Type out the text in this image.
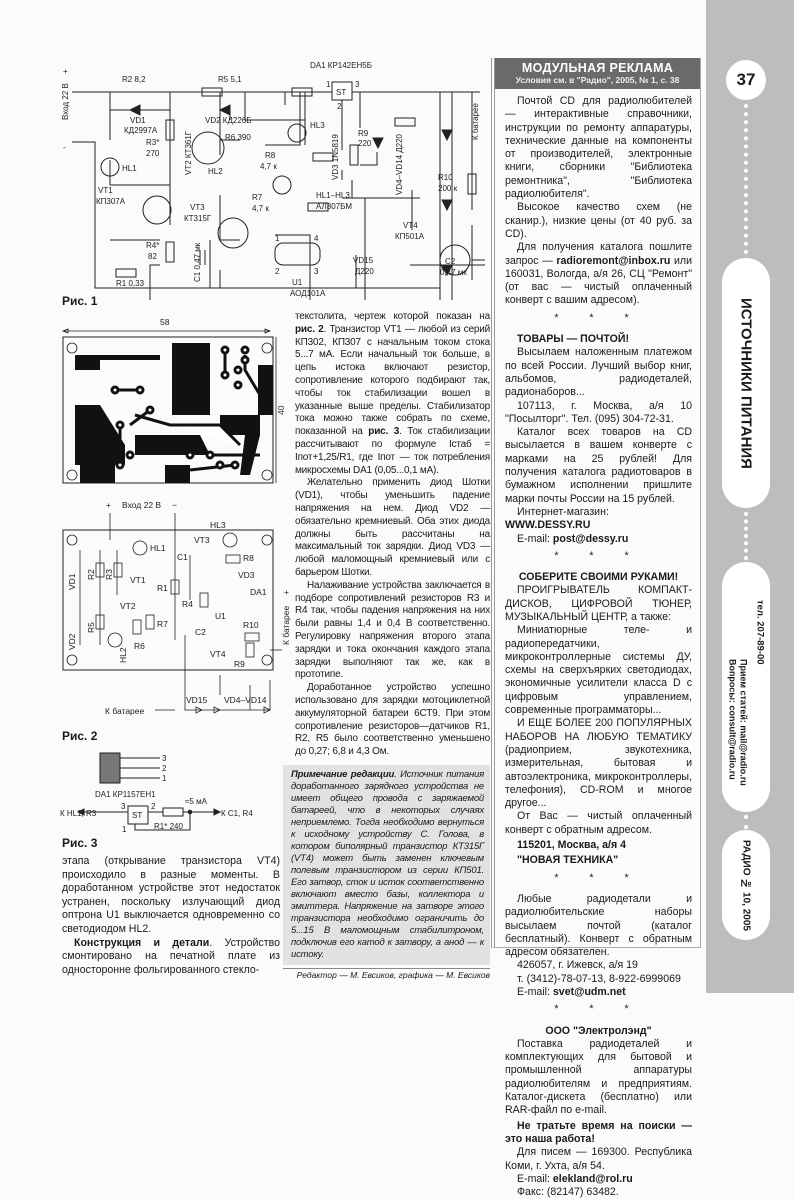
Вход 22 В
+
-
R2 8,2	R5 5,1
DA1 КР142ЕН5Б
VD1
КД2997А
VD2 КД226Б
R3*
270
HL1	VT2 КТ361Г	R6 390
HL2
R8
4,7 к
HL3
VD3 1N5819
R9
220	VD4–VD14 Д220
К батарее
R10
200 к
VT1
КП307А
VT3
КТ315Г
R7
4,7 к
HL1–HL3
АЛ307БМ
VT4
КП501А
R4*
82	C1 0,47 мк	VD15
Д220
C2
0,47 мк
R1 0,33	U1
АОД101А
1
2	3
4
ST
1
2
3
Рис. 1
58
40
Вход 22 В
+	−
HL1
HL3
VT3
C1	R8
VD1 R2 R3 VT1
R1
VD3
DA1
R4
U1
VT2
R7
VD2
R5
R6
HL2
C2
R10
VT4
R9
К батарее
VD15 VD4–VD14
К батарее
+
Рис. 2
3
2
1
DA1 КР1157ЕН1
К HL1, R3	К C1, R4
≈5 мА
R1* 240
ST
3	2
1
Рис. 3

этапа (открывание транзистора VT4) происходило в разные моменты. В доработанном устройстве этот недостаток устранен, поскольку излучающий диод оптрона U1 выключается одновременно со светодиодом HL2.

Конструкция и детали. Устройство смонтировано на печатной плате из односторонне фольгированного стекло-

текстолита, чертеж которой показан на рис. 2. Транзистор VT1 — любой из серий КП302, КП307 с начальным током стока 5...7 мА. Если начальный ток больше, в цепь истока включают резистор, сопротивление которого подбирают так, чтобы ток стабилизации вошел в указанные выше пределы. Стабилизатор тока можно также собрать по схеме, показанной на рис. 3. Ток стабилизации рассчитывают по формуле Iстаб = Iпот+1,25/R1, где Iпот — ток потребления микросхемы DA1 (0,05...0,1 мА).

Желательно применить диод Шотки (VD1), чтобы уменьшить падение напряжения на нем. Диод VD2 — обязательно кремниевый. Оба этих диода должны быть рассчитаны на максимальный ток зарядки. Диод VD3 — любой маломощный кремниевый или с барьером Шотки.

Налаживание устройства заключается в подборе сопротивлений резисторов R3 и R4 так, чтобы падения напряжения на них были равны 1,4 и 0,4 В соответственно. Регулировку напряжения второго этапа зарядки и тока окончания каждого этапа зарядки выполняют так же, как в прототипе.

Доработанное устройство успешно использовано для зарядки мотоциклетной аккумуляторной батареи 6СТ9. При этом сопротивление резисторов—датчиков R1, R2, R5 было соответственно уменьшено до 0,27; 6,8 и 4,3 Ом.

Примечание редакции. Источник питания доработанного зарядного устройства не имеет общего провода с заряжаемой батареей, что в некоторых случаях неприемлемо. Тогда необходимо вернуться к исходному устройству С. Голова, в котором биполярный транзистор КТ315Г (VT4) может быть заменен ключевым полевым транзистором из серии КП501. Его затвор, сток и исток соответственно включают вместо базы, коллектора и эмиттера. Напряжение на затворе этого транзистора необходимо ограничить до 5...15 В маломощным стабилитроном, подключив его катод к затвору, а анод — к истоку.
Редактор — М. Евсиков, графика — М. Евсиков
МОДУЛЬНАЯ РЕКЛАМА
Условия см. в "Радио", 2005, № 1, с. 38

Почтой CD для радиолюбителей — интерактивные справочники, инструкции по ремонту аппаратуры, технические данные на компоненты от производителей, электронные книги, сборники "Библиотека ремонтника", "Библиотека радиолюбителя".

Высокое качество схем (не сканир.), низкие цены (от 40 руб. за CD).

Для получения каталога пошлите запрос — radioremont@inbox.ru или 160031, Вологда, а/я 26, СЦ "Ремонт" (от вас — чистый оплаченный конверт с вашим адресом).

* * *

ТОВАРЫ — ПОЧТОЙ!

Высылаем наложенным платежом по всей России. Лучший выбор книг, альбомов, радиодеталей, радионаборов...

107113, г. Москва, а/я 10 "Посылторг". Тел. (095) 304-72-31.

Каталог всех товаров на CD высылается в вашем конверте с марками на 25 рублей! Для получения каталога радиотоваров в бумажном исполнении пришлите марки почты России на 15 рублей.

Интернет-магазин: WWW.DESSY.RU

E-mail: post@dessy.ru

* * *

СОБЕРИТЕ СВОИМИ РУКАМИ!

ПРОИГРЫВАТЕЛЬ КОМПАКТ-ДИСКОВ, ЦИФРОВОЙ ТЮНЕР, МУЗЫКАЛЬНЫЙ ЦЕНТР, а также:

Миниатюрные теле- и радиопередатчики, микроконтроллерные системы ДУ, схемы на сверхъярких светодиодах, экономичные усилители класса D с цифровым управлением, современные программаторы...

И ЕЩЕ БОЛЕЕ 200 ПОПУЛЯРНЫХ НАБОРОВ НА ЛЮБУЮ ТЕМАТИКУ (радиоприем, звукотехника, измерительная, бытовая и автоэлектроника, микроконтроллеры, телефония), CD-ROM и многое другое...

От Вас — чистый оплаченный конверт с обратным адресом.

115201, Москва, а/я 4

"НОВАЯ ТЕХНИКА"

* * *

Любые радиодетали и радиолюбительские наборы высылаем почтой (каталог бесплатный). Конверт с обратным адресом обязателен.

426057, г. Ижевск, а/я 19

т. (3412)-78-07-13, 8-922-6999069

E-mail: svet@udm.net

* * *

ООО "Электролэнд"

Поставка радиодеталей и комплектующих для бытовой и промышленной аппаратуры радиолюбителям и предприятиям. Каталог-дискета (бесплатно) или RAR-файл по e-mail.

Не тратьте время на поиски — это наша работа!

Для писем — 169300. Республика Коми, г. Ухта, а/я 54.

E-mail: elekland@rol.ru

Факс: (82147) 63482.

37
ИСТОЧНИКИ ПИТАНИЯ
тел. 207-89-00
Прием статей: mail@radio.ru
Вопросы: consult@radio.ru
РАДИО № 10, 2005
